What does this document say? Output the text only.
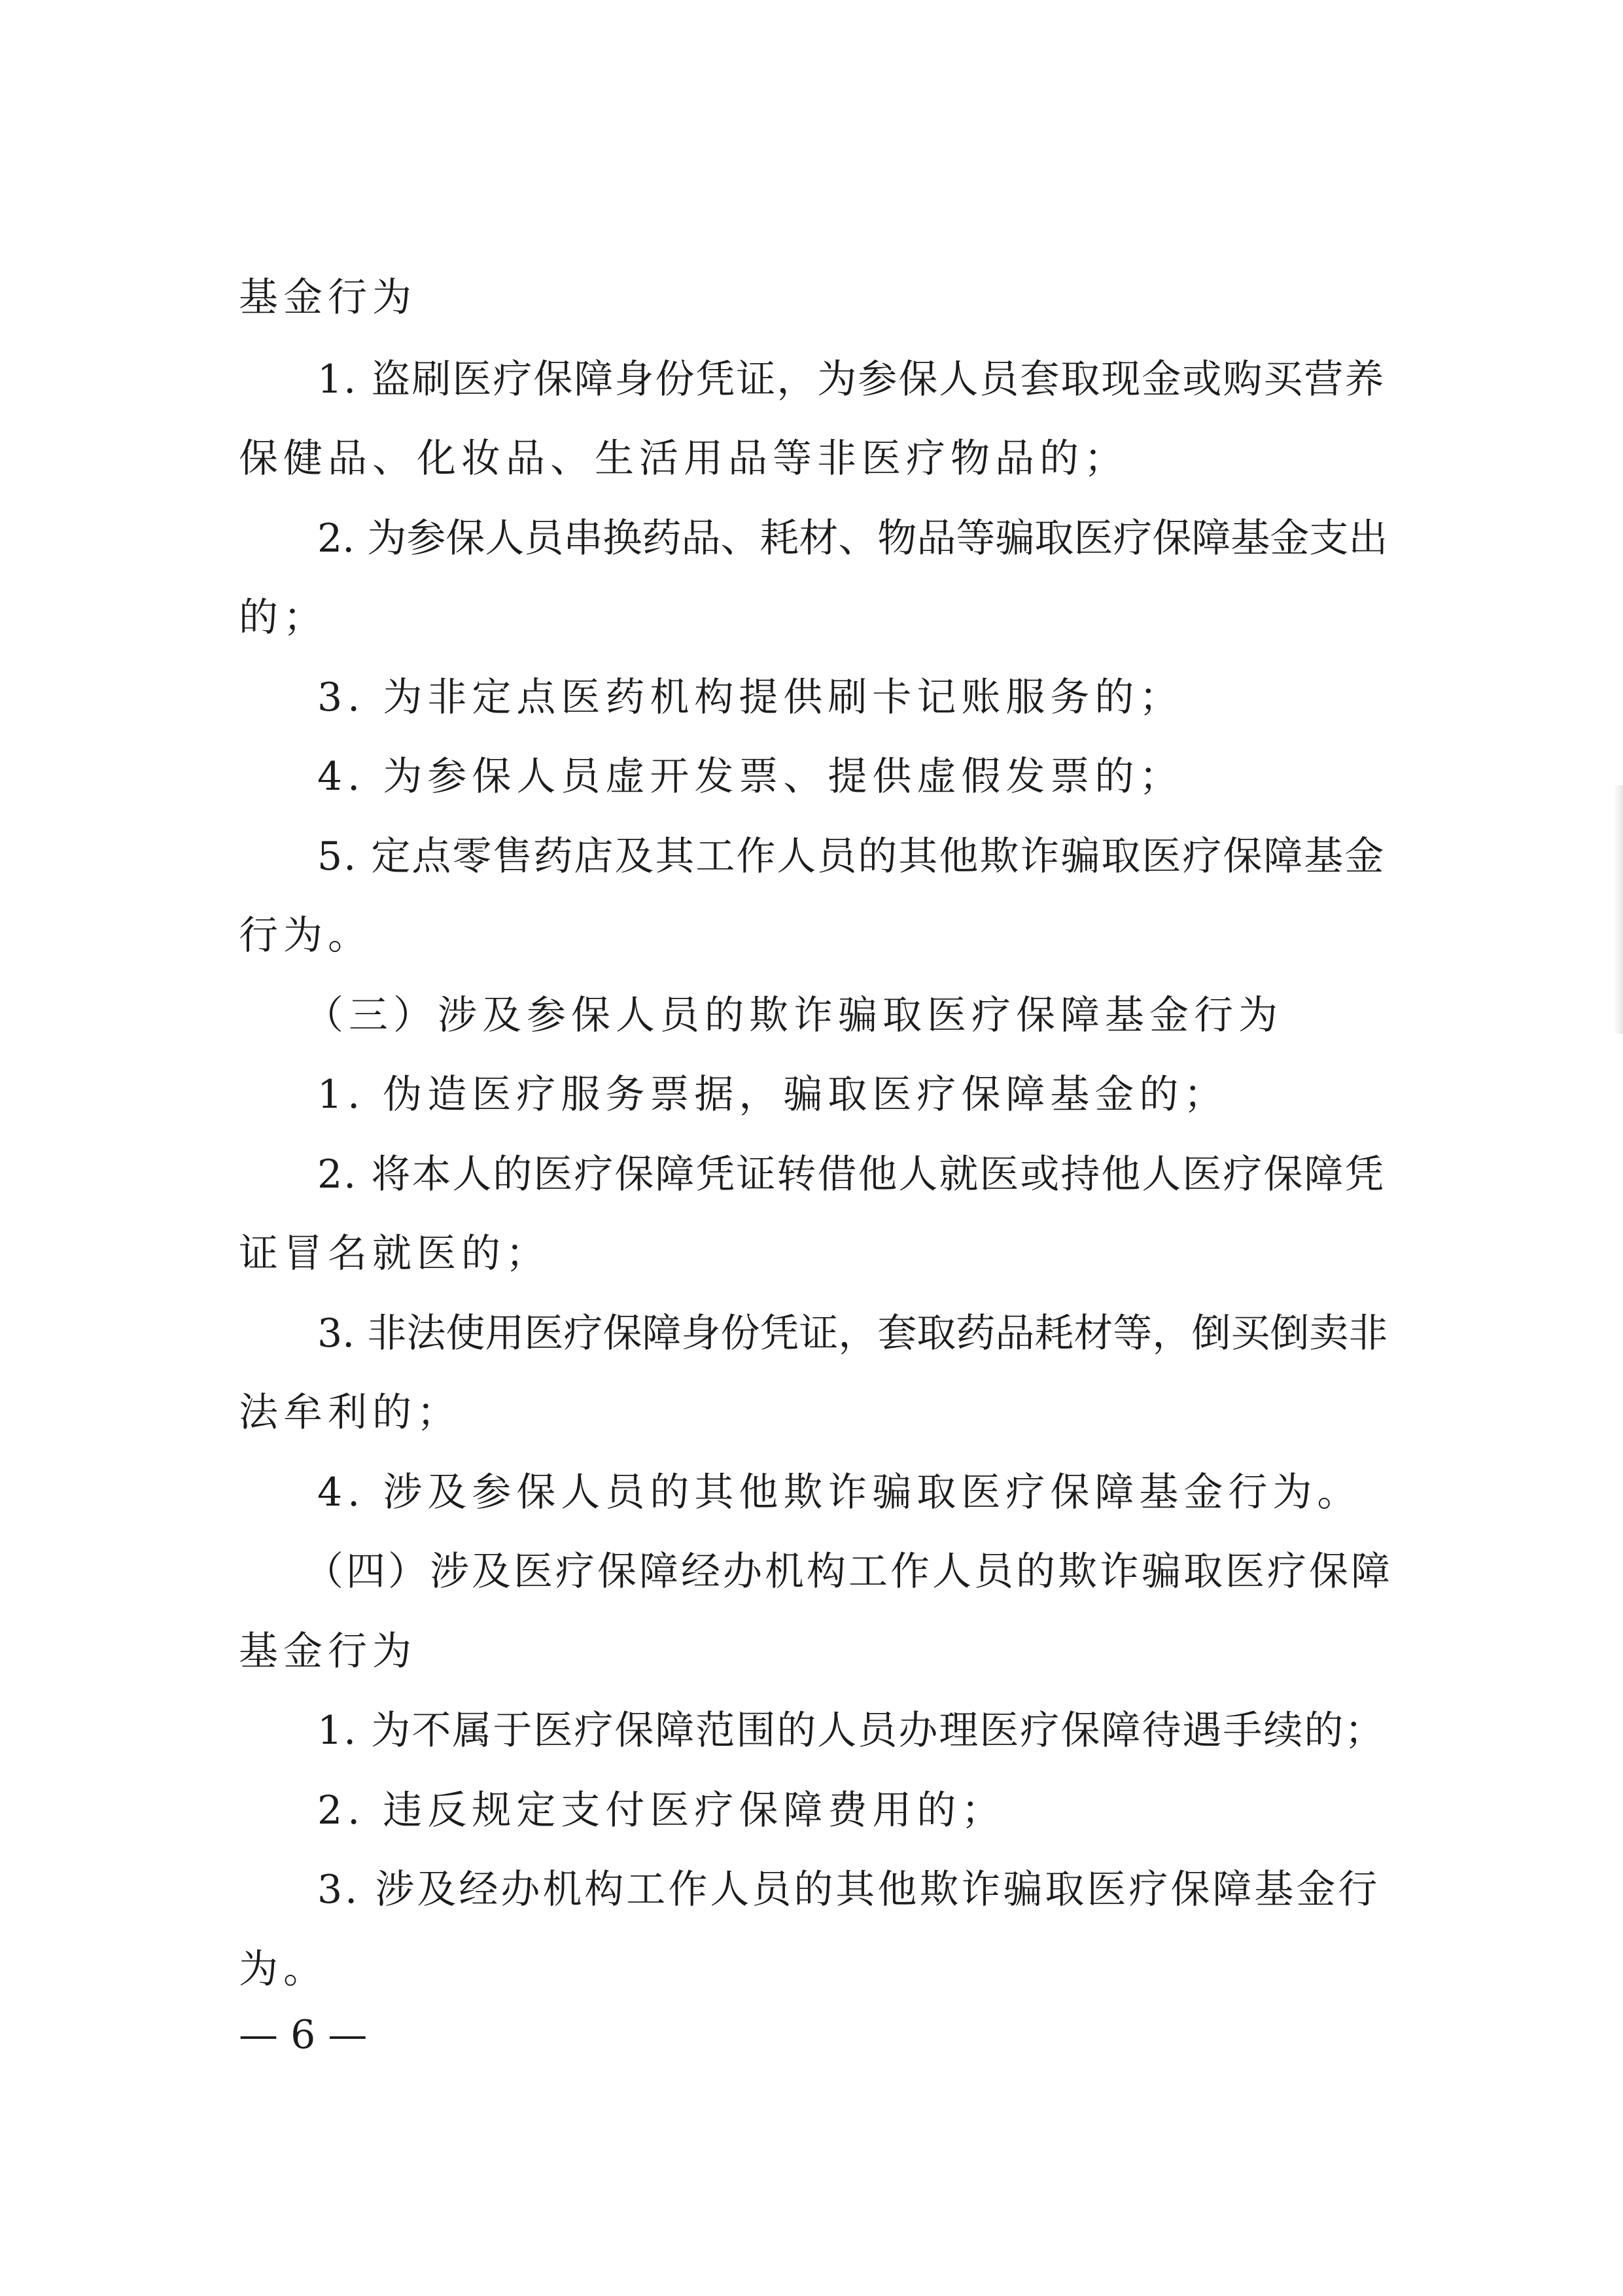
基金行为
1. 盗刷医疗保障身份凭证，为参保人员套取现金或购买营养
保健品、化妆品、生活用品等非医疗物品的；
2. 为参保人员串换药品、耗材、物品等骗取医疗保障基金支出
的；
3. 为非定点医药机构提供刷卡记账服务的；
4. 为参保人员虚开发票、提供虚假发票的；
5. 定点零售药店及其工作人员的其他欺诈骗取医疗保障基金
行为。
（三）涉及参保人员的欺诈骗取医疗保障基金行为
1. 伪造医疗服务票据，骗取医疗保障基金的；
2. 将本人的医疗保障凭证转借他人就医或持他人医疗保障凭
证冒名就医的；
3. 非法使用医疗保障身份凭证，套取药品耗材等，倒买倒卖非
法牟利的；
4. 涉及参保人员的其他欺诈骗取医疗保障基金行为。
（四）涉及医疗保障经办机构工作人员的欺诈骗取医疗保障
基金行为
1. 为不属于医疗保障范围的人员办理医疗保障待遇手续的；
2. 违反规定支付医疗保障费用的；
3. 涉及经办机构工作人员的其他欺诈骗取医疗保障基金行
为。
— 6 —
